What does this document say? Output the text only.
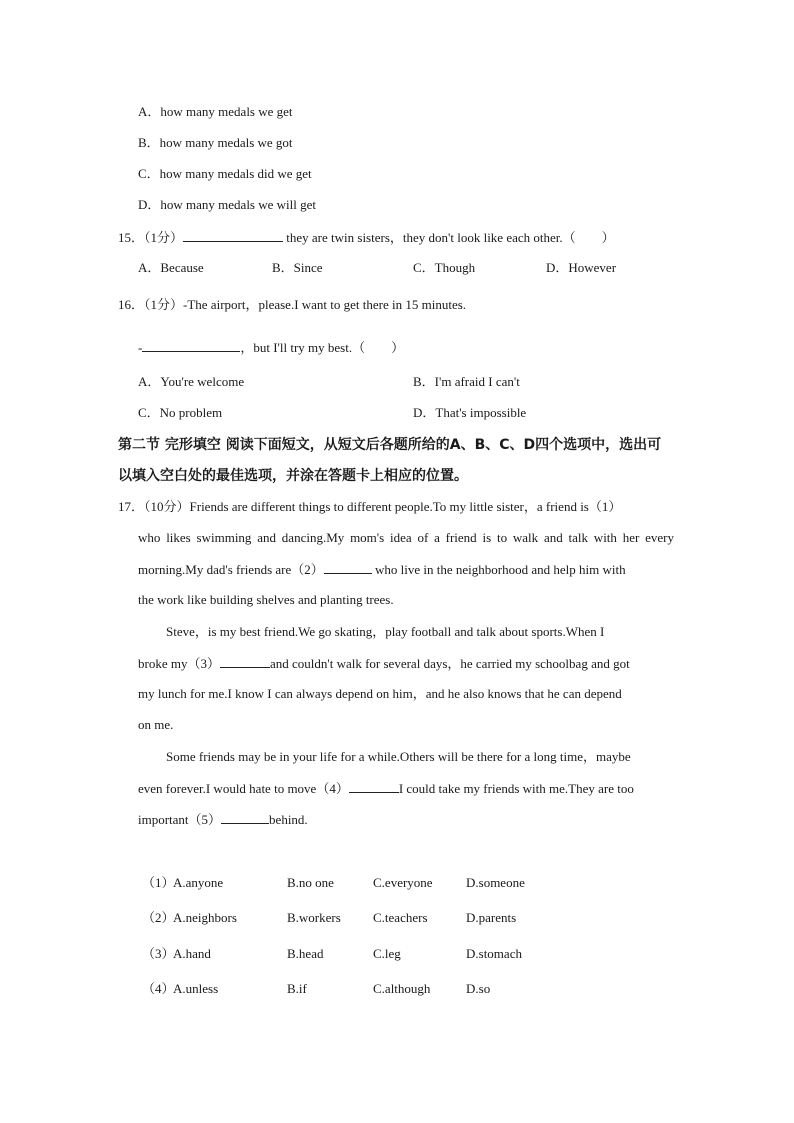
A．how many medals we get
B．how many medals we got
C．how many medals did we get
D．how many medals we will get
15．（1分）	they are twin sisters，they don't look like each other.（　　）
A．Because	B．Since	C．Though	D．However
16．（1分）-The airport，please.I want to get there in 15 minutes.
-	，but I'll try my best.（　　）
A．You're welcome	B．I'm afraid I can't
C．No problem	D．That's impossible
第二节 完形填空 阅读下面短文，从短文后各题所给的A、B、C、D四个选项中，选出可
以填入空白处的最佳选项，并涂在答题卡上相应的位置。
17．（10分）Friends are different things to different people.To my little sister，a friend is（1）
who likes swimming and dancing.My mom's idea of a friend is to walk and talk with her every
morning.My dad's friends are（2）	who live in the neighborhood and help him with
the work like building shelves and planting trees.
Steve，is my best friend.We go skating，play football and talk about sports.When I
broke my（3）	and couldn't walk for several days，he carried my schoolbag and got
my lunch for me.I know I can always depend on him，and he also knows that he can depend
on me.
Some friends may be in your life for a while.Others will be there for a long time，maybe
even forever.I would hate to move（4）	I could take my friends with me.They are too
important（5）	behind.
（1）
A.anyone	B.no one	C.everyone	D.someone
（2）
A.neighbors	B.workers C.teachers	D.parents
（3）
A.hand	B.head	C.leg	D.stomach
（4）
A.unless	B.if	C.although	D.so
